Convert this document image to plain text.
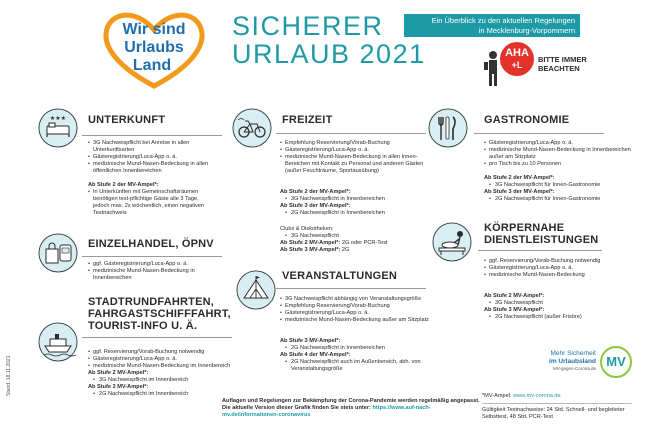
Wir sind
Urlaubs
Land
SICHERER
URLAUB 2021
Ein Überblick zu den aktuellen Regelungen
in Mecklenburg-Vorpommern
AHA
+L
BITTE IMMER
BEACHTEN
★★★ UNTERKUNFT
• 3G Nachweispflicht bei Anreise in allen Unterkunftsarten
• Gästeregistrierung/Luca-App o. ä.
• medizinische Mund-Nasen-Bedeckung in allen öffentlichen Innenbereichen
Ab Stufe 2 der MV-Ampel*:
• In Unterkünften mit Gemeinschaftsräumen benötigen test-pflichtige Gäste alle 3 Tage, jedoch max. 2x wöchentlich, einen negativen Testnachweis
EINZELHANDEL, ÖPNV
• ggf. Gästeregistrierung/Luca-App o. ä.
• medizinische Mund-Nasen-Bedeckung in Innenbereichen
STADTRUNDFAHRTEN,
FAHRGASTSCHIFFFAHRT,
TOURIST-INFO U. Ä.
• ggf. Reservierung/Vorab-Buchung notwendig
• Gästeregistrierung/Luca-App o. ä.
• medizinische Mund-Nasen-Bedeckung im Innenbereich
Ab Stufe 2 MV-Ampel*:
• 3G Nachweispflicht im Innenbereich
Ab Stufe 3 MV-Ampel*:
• 2G Nachweispflicht im Innenbereich
Stand: 18.11.2021
FREIZEIT
• Empfehlung Reservierung/Vorab-Buchung
• Gästeregistrierung/Luca-App o. ä.
• medizinische Mund-Nasen-Bedeckung in allen Innen-Bereichen mit Kontakt zu Personal und anderen Gästen (außer Feuchträume, Sportausübung)
Ab Stufe 2 der MV-Ampel*:
• 3G Nachweispflicht in Innenbereichen
Ab Stufe 3 der MV-Ampel*:
• 2G Nachweispflicht in Innenbereichen
Clubs & Diskotheken:
• 3G Nachweispflicht
Ab Stufe 2 MV-Ampel*: 2G oder PCR-Test
Ab Stufe 3 MV-Ampel*: 2G
VERANSTALTUNGEN
• 3G Nachweispflicht abhängig von Veranstaltungsgröße
• Empfehlung Reservierung/Vorab-Buchung
• Gästeregistrierung/Luca-App o. ä.
• medizinische Mund-Nasen-Bedeckung außer am Sitzplatz
Ab Stufe 3 MV-Ampel*:
• 2G Nachweispflicht in Innenbereichen
Ab Stufe 4 der MV-Ampel*:
• 2G Nachweispflicht auch im Außenbereich, abh. von Veranstaltungsgröße
GASTRONOMIE
• Gästeregistrierung/Luca-App o. ä.
• medizinische Mund-Nasen-Bedeckung in Innenbereichen außer am Sitzplatz
• pro Tisch bis zu 10 Personen
Ab Stufe 2 der MV-Ampel*:
• 3G Nachweispflicht für Innen-Gastronomie
Ab Stufe 3 der MV-Ampel*:
• 2G Nachweispflicht für Innen-Gastronomie
KÖRPERNAHE
DIENSTLEISTUNGEN
• ggf. Reservierung/Vorab-Buchung notwendig
• Gästeregistrierung/Luca-App o. ä.
• medizinische Mund-Nasen-Bedeckung
Ab Stufe 2 MV-Ampel*:
• 3G Nachweispflicht
Ab Stufe 3 MV-Ampel*:
• 2G Nachweispflicht (außer Frisöre)
Mehr Sicherheit
im Urlaubsland
MV-gegen-Corona.de MV
Auflagen und Regelungen zur Bekämpfung der Corona-Pandemie werden regelmäßig angepasst. Die aktuelle Version dieser Grafik finden Sie stets unter: https://www.auf-nach-mv.de/informationen-coronavirus
*MV-Ampel: www.mv-corona.de
Gültigkeit Testnachweise: 24 Std. Schnell- und begleiteter Selbsttest, 48 Std. PCR-Test
